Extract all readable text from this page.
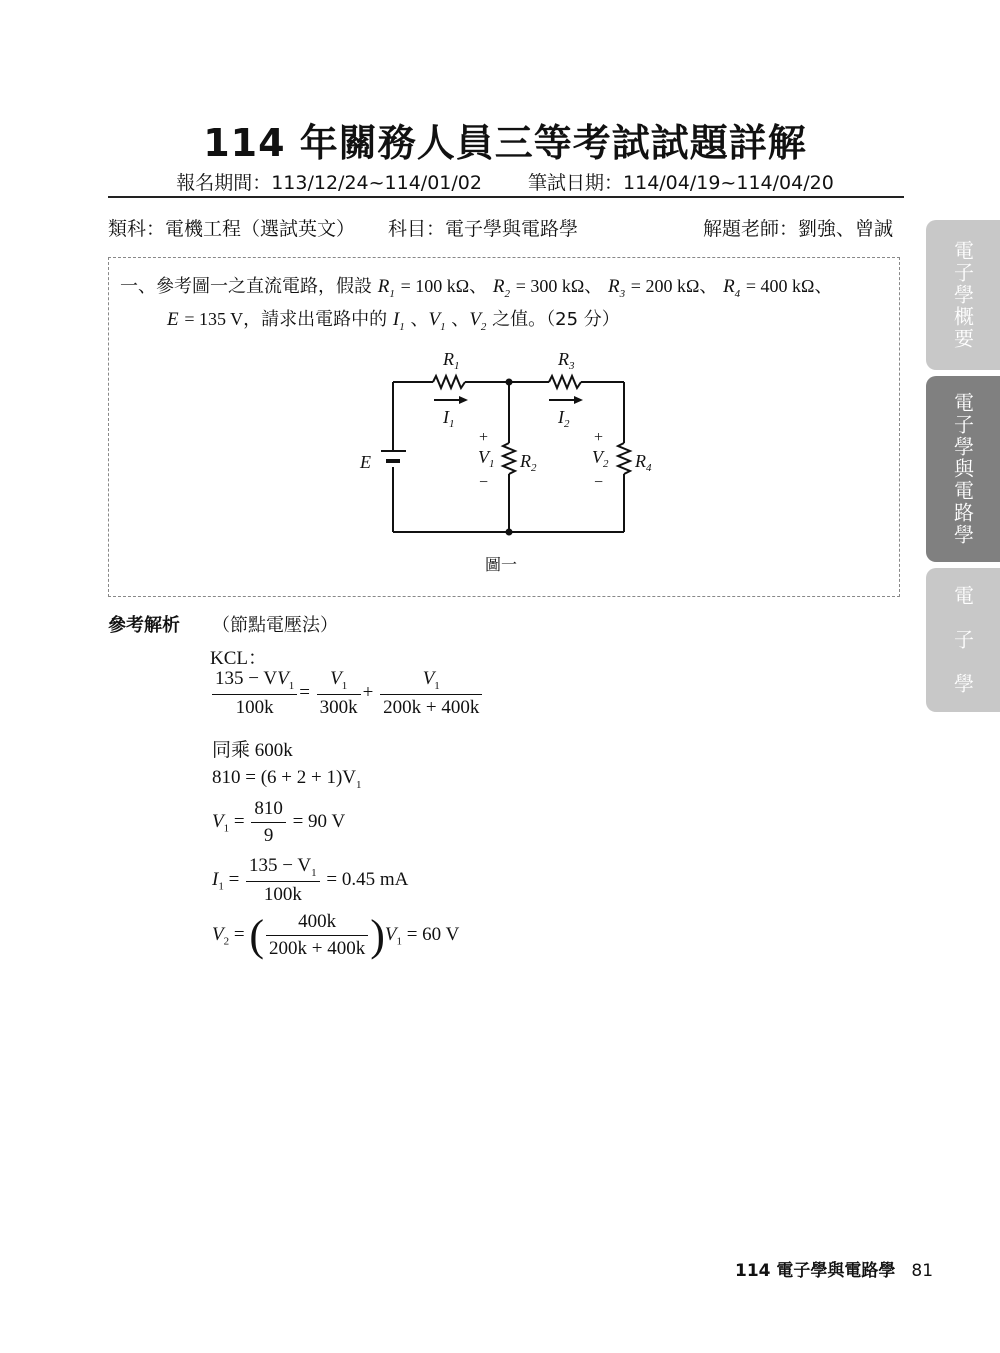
114 年關務人員三等考試試題詳解
報名期間：113/12/24~114/01/02 筆試日期：114/04/19~114/04/20
類科：電機工程（選試英文） 科目：電子學與電路學	解題老師：劉強、曾誠
一、參考圖一之直流電路，假設 $R_1 = 100$ kΩ、 $R_2 = 300$ kΩ、 $R_3 = 200$ kΩ、 $R_4 = 400$ kΩ、
E = 135 V，請求出電路中的 $I_1$ 、$V_1$ 、$V_2$ 之值。（25 分）
$R_1$	$R_3$
$I_1$	$I_2$
$R_2$	$R_4$
$V_1$	$V_2$
E
+
−
+
−
圖一
參考解析 （節點電壓法）
KCL：
$\frac{135 - VV_1}{100k} = \frac{V_1}{300k} + \frac{V_1}{200k + 400k}$
同乘 600k
$810 = (6 + 2 + 1)V_1$
$V_1 = \frac{810}{9} = 90$ V
$I_1 = \frac{135 - V_1}{100k} = 0.45$ mA
$V_2$ = ( $\frac{400k}{200k + 400k} )V_1 = 60$ V
電子學概要
電子學與電路學
電　子　學
114 電子學與電路學 81
